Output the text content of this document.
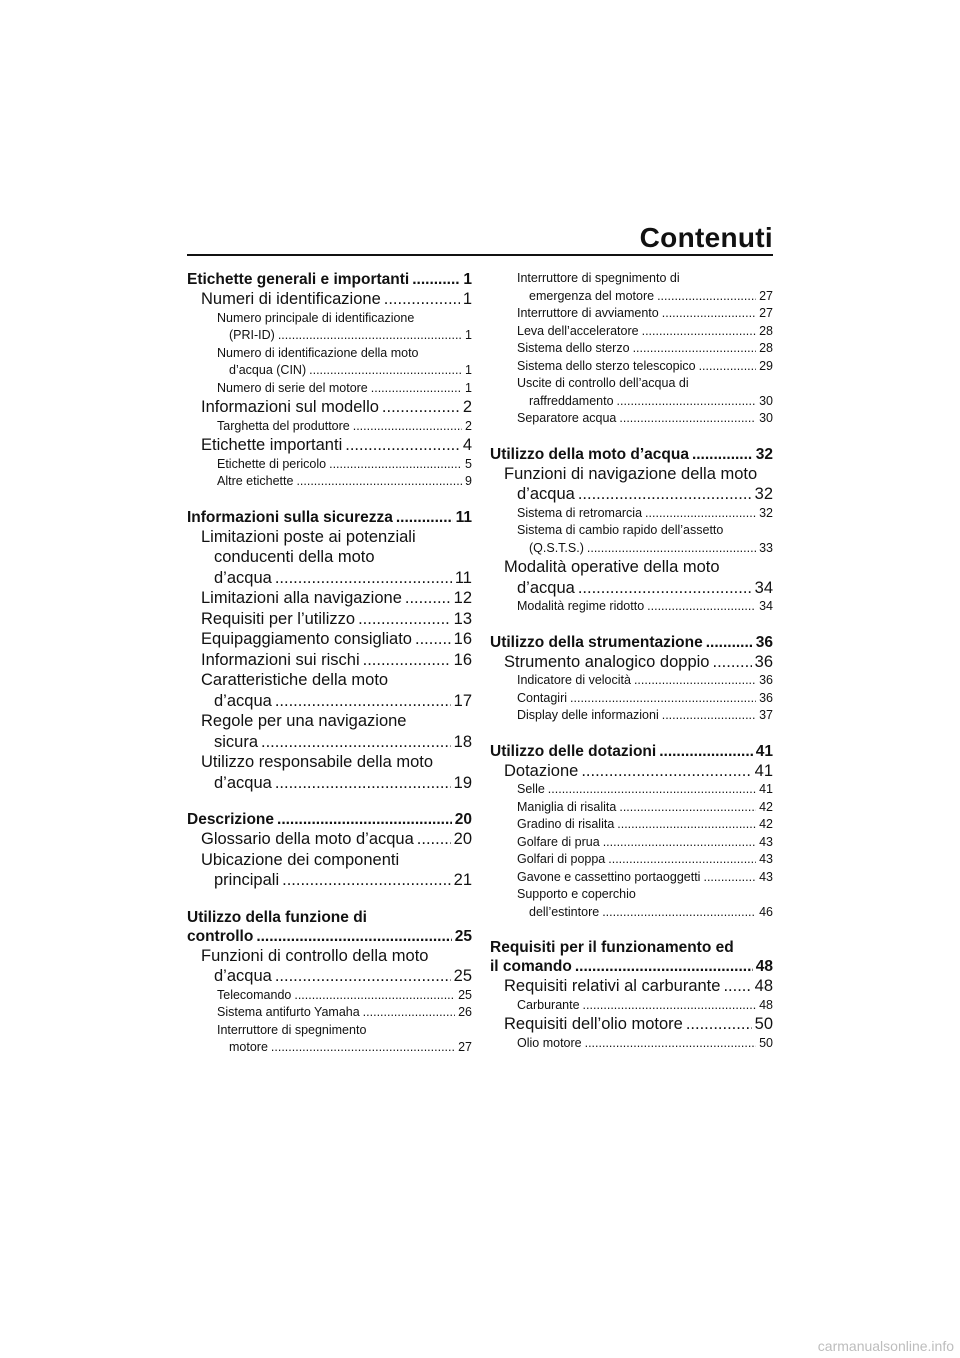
Contenuti
Etichette generali e importanti .....	1
Numeri di identificazione .....	1
Numero principale di identificazione
(PRI-ID) .....	1
Numero di identificazione della moto
d’acqua (CIN) .....	1
Numero di serie del motore .....	1
Informazioni sul modello .....	2
Targhetta del produttore .....	2
Etichette importanti .....	4
Etichette di pericolo .....	5
Altre etichette .....	9
Informazioni sulla sicurezza .....	11
Limitazioni poste ai potenziali
conducenti della moto
d’acqua .....	11
Limitazioni alla navigazione .....	12
Requisiti per l’utilizzo .....	13
Equipaggiamento consigliato .....	16
Informazioni sui rischi .....	16
Caratteristiche della moto
d’acqua .....	17
Regole per una navigazione
sicura .....	18
Utilizzo responsabile della moto
d’acqua .....	19
Descrizione .....	20
Glossario della moto d’acqua ..... 20
Ubicazione dei componenti
principali .....	21
Utilizzo della funzione di
controllo .....	25
Funzioni di controllo della moto
d’acqua .....	25
Telecomando .....	25
Sistema antifurto Yamaha .....	26
Interruttore di spegnimento
motore .....	27
Interruttore di spegnimento di
emergenza del motore .....	27
Interruttore di avviamento .....	27
Leva dell’acceleratore .....	28
Sistema dello sterzo .....	28
Sistema dello sterzo telescopico .....	29
Uscite di controllo dell’acqua di
raffreddamento .....	30
Separatore acqua .....	30
Utilizzo della moto d’acqua .....	32
Funzioni di navigazione della moto
d’acqua .....	32
Sistema di retromarcia .....	32
Sistema di cambio rapido dell’assetto
(Q.S.T.S.) .....	33
Modalità operative della moto
d’acqua .....	34
Modalità regime ridotto .....	34
Utilizzo della strumentazione .....	36
Strumento analogico doppio .....	36
Indicatore di velocità .....	36
Contagiri .....	36
Display delle informazioni .....	37
Utilizzo delle dotazioni .....	41
Dotazione .....	41
Selle .....	41
Maniglia di risalita .....	42
Gradino di risalita .....	42
Golfare di prua .....	43
Golfari di poppa .....	43
Gavone e cassettino portaoggetti .....	43
Supporto e coperchio
dell’estintore .....	46
Requisiti per il funzionamento ed
il comando .....	48
Requisiti relativi al carburante ..... 48
Carburante .....	48
Requisiti dell’olio motore .....	50
Olio motore .....	50
carmanualsonline.info
